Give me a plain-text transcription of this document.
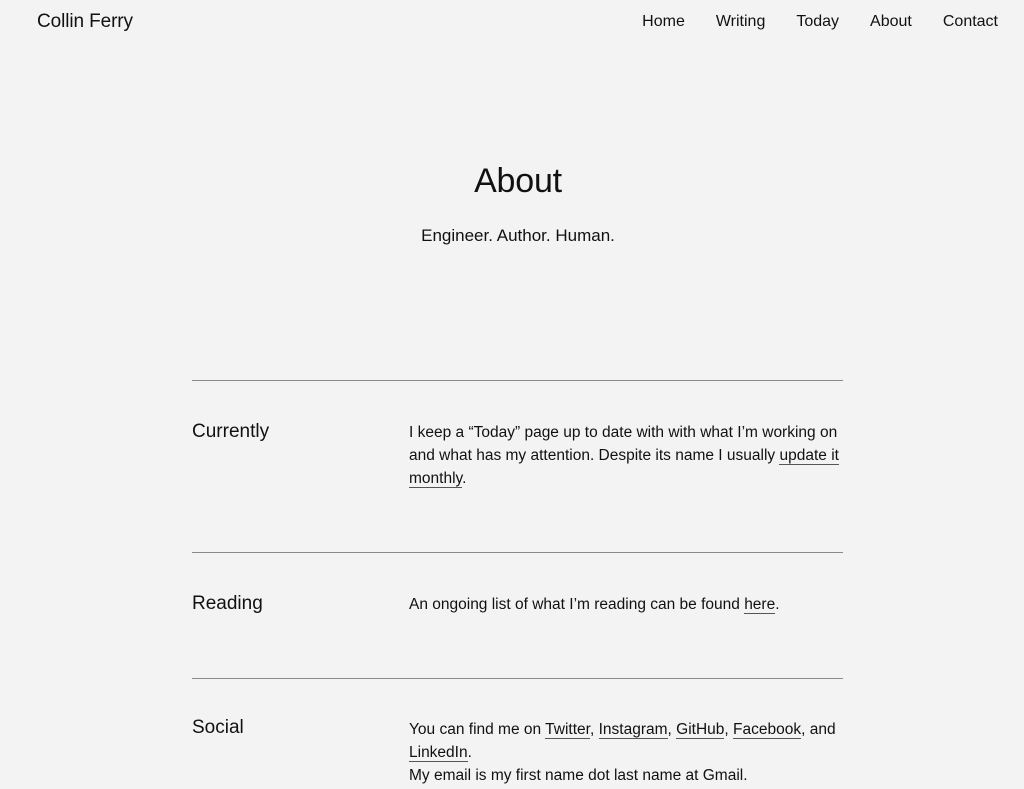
Collin Ferry	Home Writing Today About Contact
About

Engineer. Author. Human.

Currently	I keep a “Today” page up to date with with what I’m working on and what has my attention. Despite its name I usually update it monthly.

Reading	An ongoing list of what I’m reading can be found here.

Social	You can find me on Twitter, Instagram, GitHub, Facebook, and LinkedIn.
My email is my first name dot last name at Gmail.
